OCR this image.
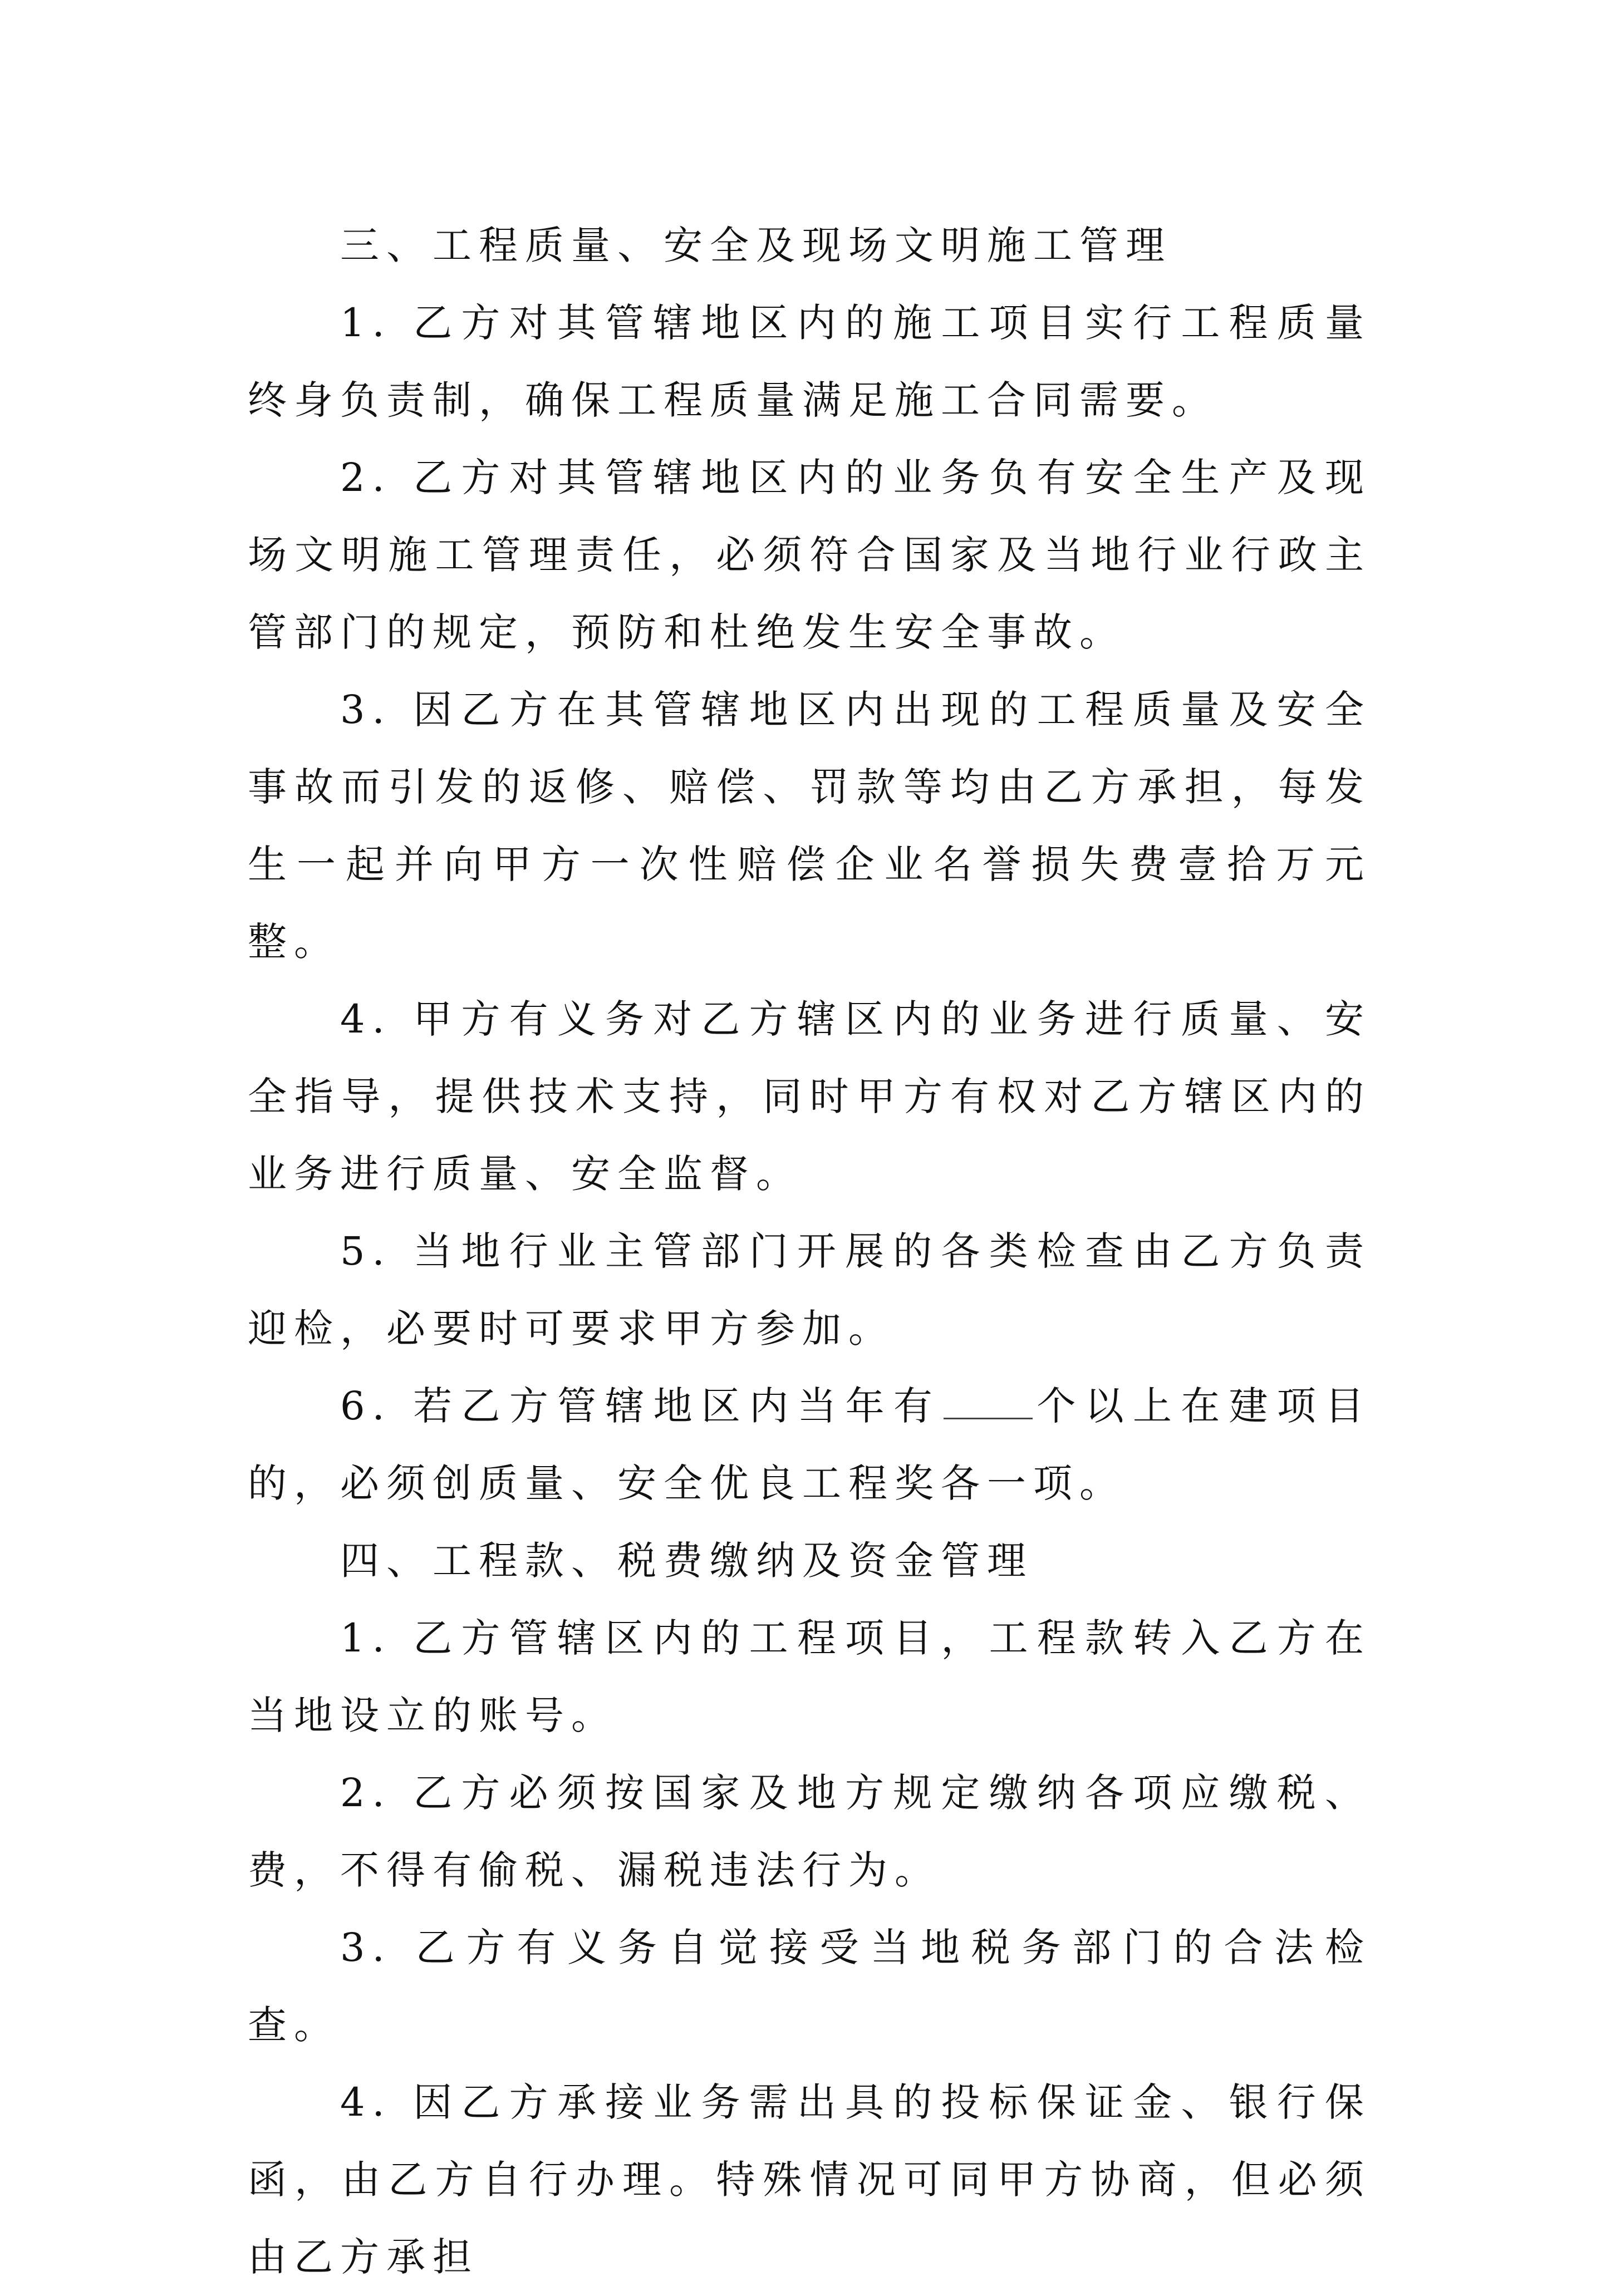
三、工程质量、安全及现场文明施工管理

1. 乙方对其管辖地区内的施工项目实行工程质量终身负责制，确保工程质量满足施工合同需要。

2. 乙方对其管辖地区内的业务负有安全生产及现场文明施工管理责任，必须符合国家及当地行业行政主管部门的规定，预防和杜绝发生安全事故。

3. 因乙方在其管辖地区内出现的工程质量及安全事故而引发的返修、赔偿、罚款等均由乙方承担，每发生一起并向甲方一次性赔偿企业名誉损失费壹拾万元整。

4. 甲方有义务对乙方辖区内的业务进行质量、安全指导，提供技术支持，同时甲方有权对乙方辖区内的业务进行质量、安全监督。

5. 当地行业主管部门开展的各类检查由乙方负责迎检，必要时可要求甲方参加。

6. 若乙方管辖地区内当年有 个以上在建项目的，必须创质量、安全优良工程奖各一项。

四、工程款、税费缴纳及资金管理

1. 乙方管辖区内的工程项目，工程款转入乙方在当地设立的账号。

2. 乙方必须按国家及地方规定缴纳各项应缴税、费，不得有偷税、漏税违法行为。

3. 乙方有义务自觉接受当地税务部门的合法检查。

4. 因乙方承接业务需出具的投标保证金、银行保函，由乙方自行办理。特殊情况可同甲方协商，但必须由乙方承担
